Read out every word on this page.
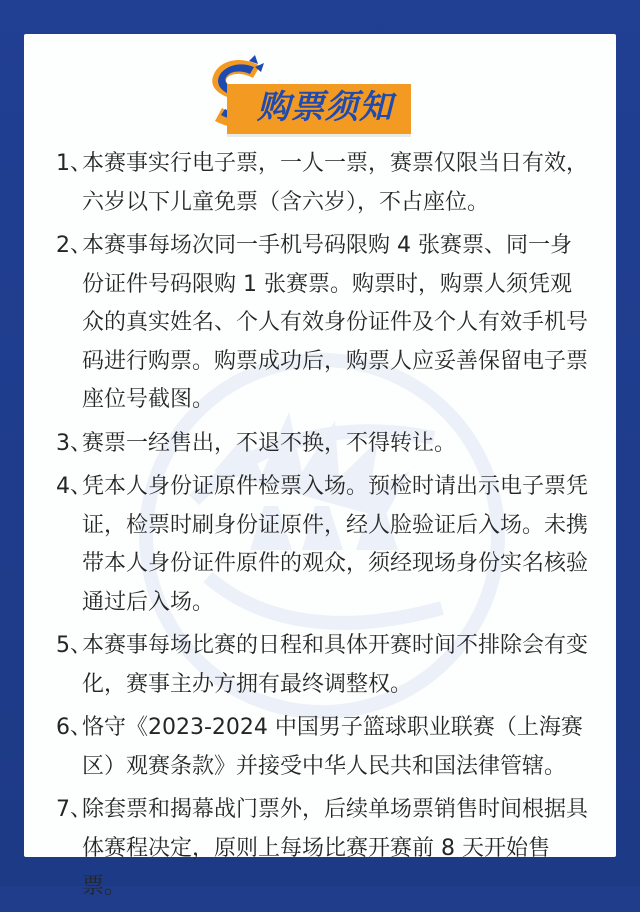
购票须知
1、本赛事实行电子票，一人一票，赛票仅限当日有效，六岁以下儿童免票（含六岁），不占座位。
2、本赛事每场次同一手机号码限购 4 张赛票、同一身份证件号码限购 1 张赛票。购票时，购票人须凭观众的真实姓名、个人有效身份证件及个人有效手机号码进行购票。购票成功后，购票人应妥善保留电子票座位号截图。
3、赛票一经售出，不退不换，不得转让。
4、凭本人身份证原件检票入场。预检时请出示电子票凭证，检票时刷身份证原件，经人脸验证后入场。未携带本人身份证件原件的观众，须经现场身份实名核验通过后入场。
5、本赛事每场比赛的日程和具体开赛时间不排除会有变化，赛事主办方拥有最终调整权。
6、恪守《2023-2024 中国男子篮球职业联赛（上海赛区）观赛条款》并接受中华人民共和国法律管辖。
7、除套票和揭幕战门票外，后续单场票销售时间根据具体赛程决定，原则上每场比赛开赛前 8 天开始售票。
